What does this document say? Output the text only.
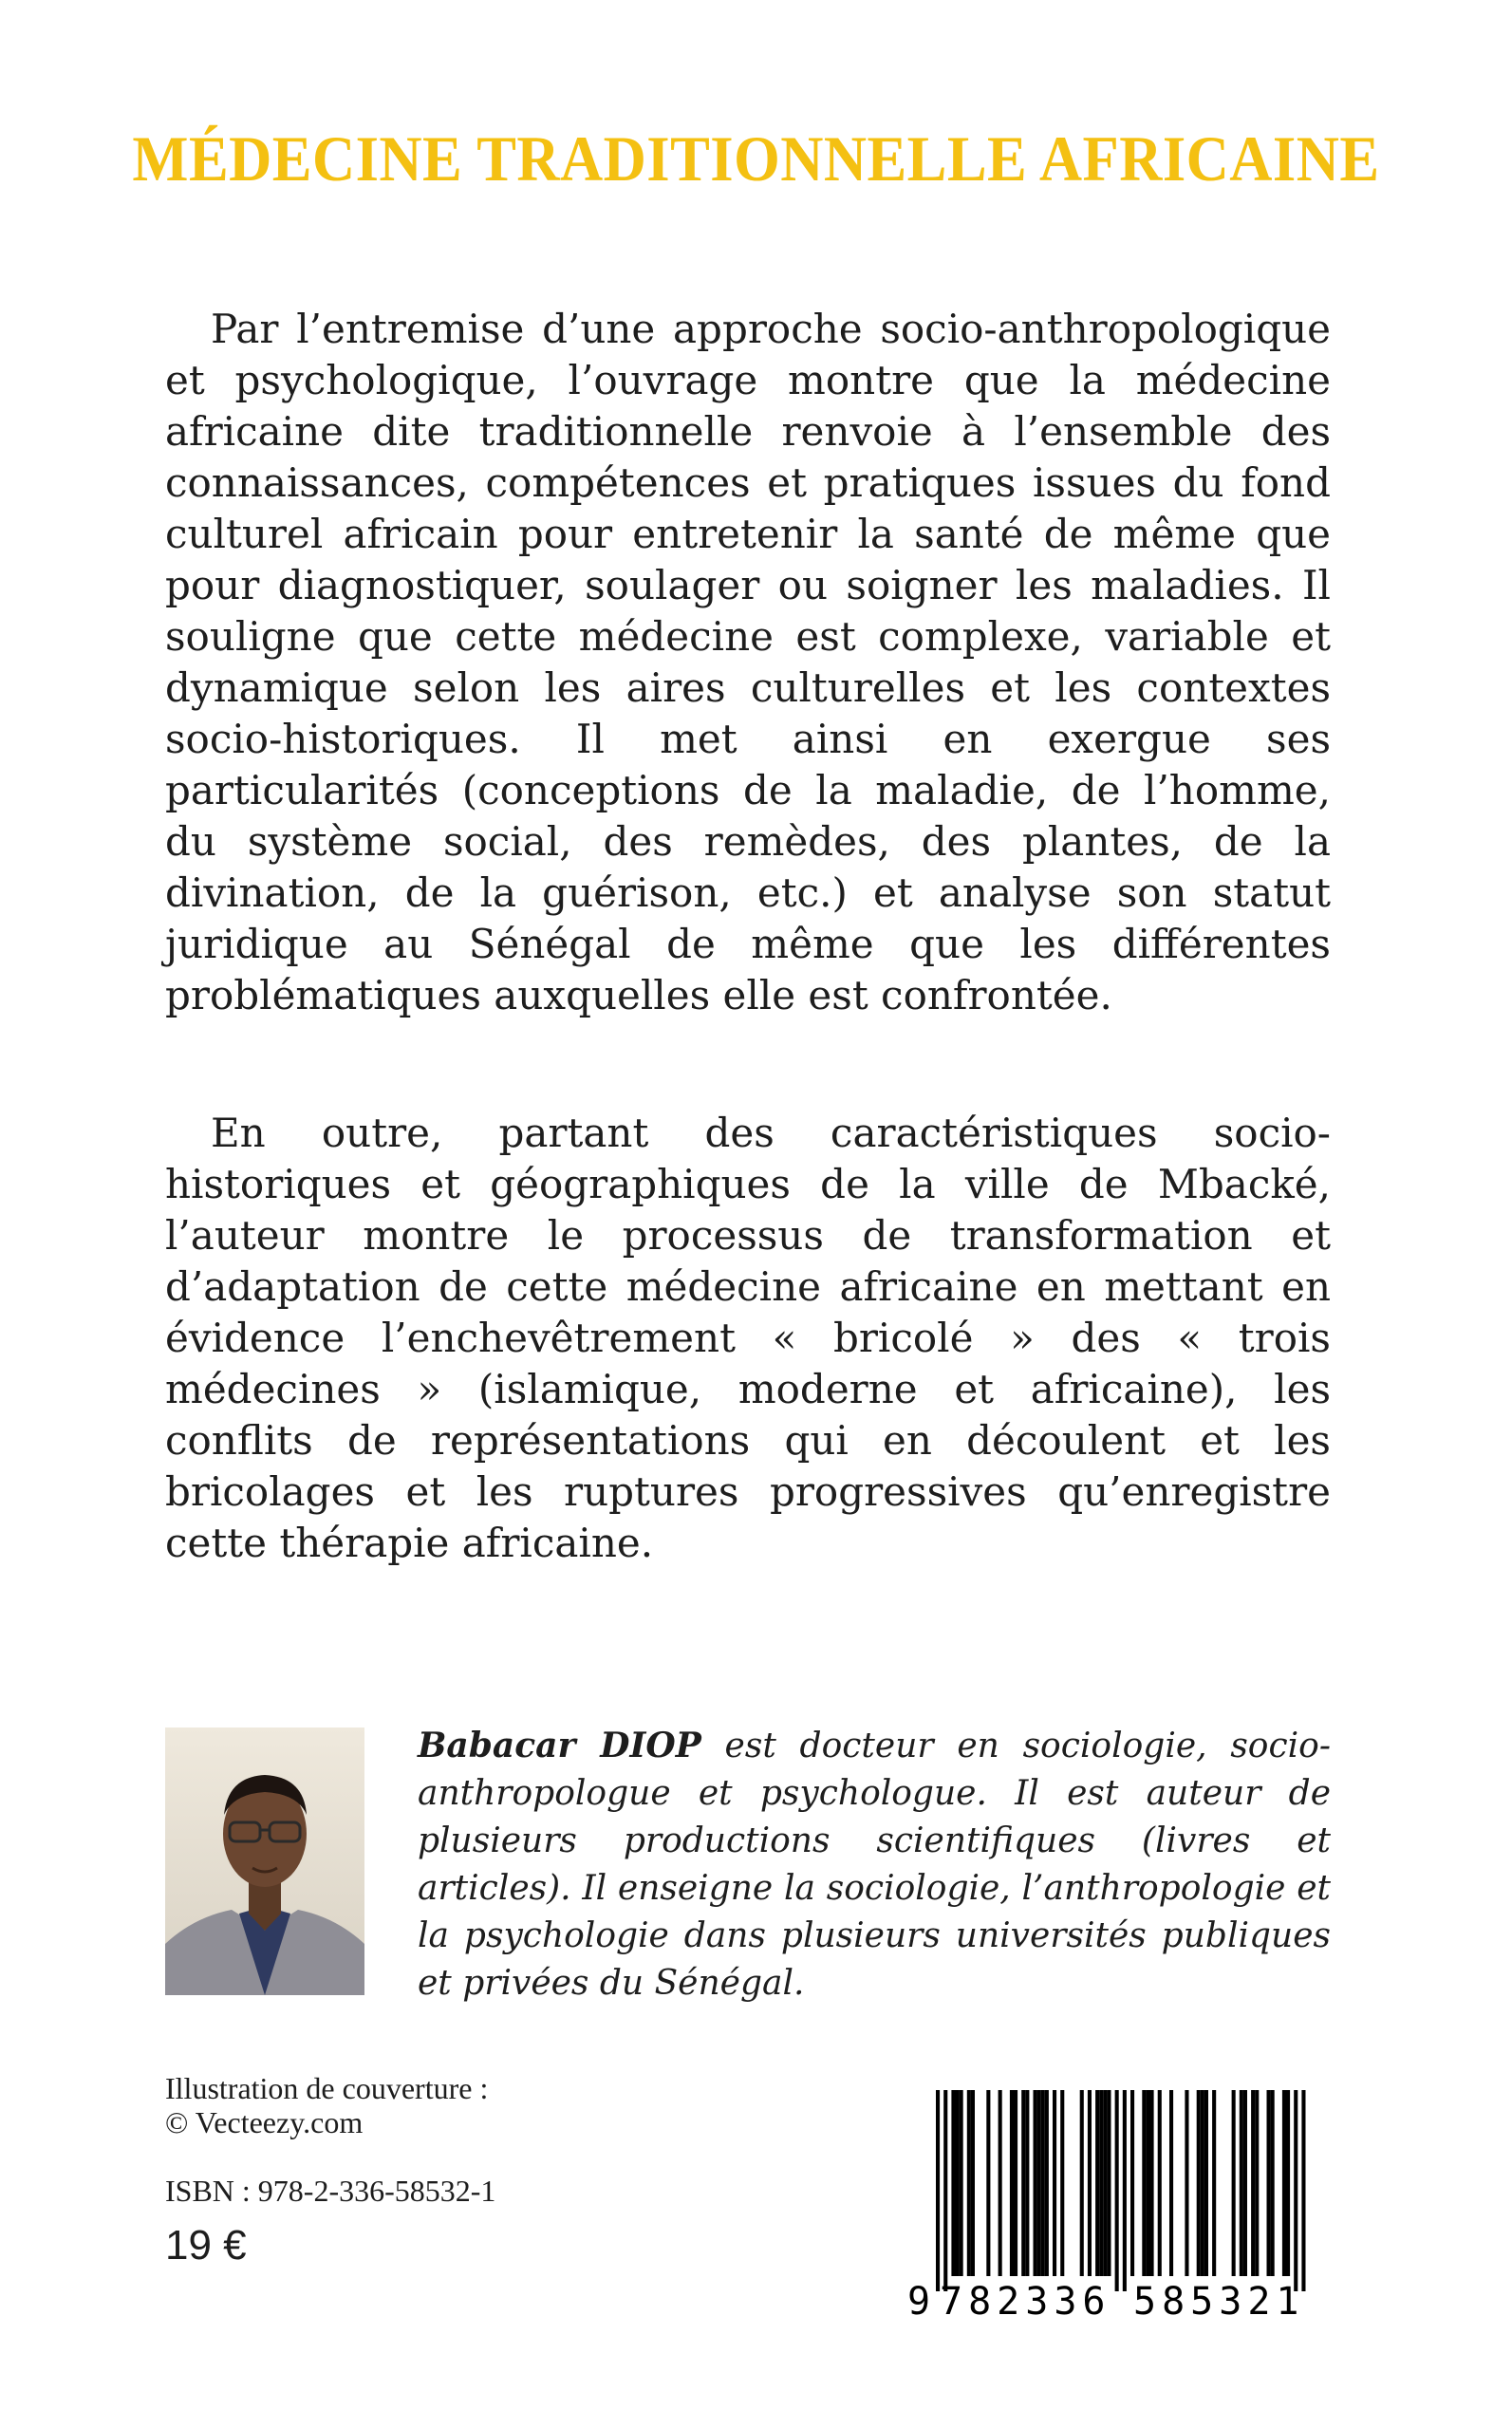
MÉDECINE TRADITIONNELLE AFRICAINE

Par l’entremise d’une approche socio-anthropologique et psychologique, l’ouvrage montre que la médecine africaine dite traditionnelle renvoie à l’ensemble des connaissances, compétences et pratiques issues du fond culturel africain pour entretenir la santé de même que pour diagnostiquer, soulager ou soigner les maladies. Il souligne que cette médecine est complexe, variable et dynamique selon les aires culturelles et les contextes socio-historiques. Il met ainsi en exergue ses particularités (conceptions de la maladie, de l’homme, du système social, des remèdes, des plantes, de la divination, de la guérison, etc.) et analyse son statut juridique au Sénégal de même que les différentes problématiques auxquelles elle est confrontée.

En outre, partant des caractéristiques socio-historiques et géographiques de la ville de Mbacké, l’auteur montre le processus de transformation et d’adaptation de cette médecine africaine en mettant en évidence l’enchevêtrement « bricolé » des « trois médecines » (islamique, moderne et africaine), les conflits de représentations qui en découlent et les bricolages et les ruptures progressives qu’enregistre cette thérapie africaine.

Babacar DIOP est docteur en sociologie, socio-anthropologue et psychologue. Il est auteur de plusieurs productions scientifiques (livres et articles). Il enseigne la sociologie, l’anthropologie et la psychologie dans plusieurs universités publiques et privées du Sénégal.

Illustration de couverture :
© Vecteezy.com
ISBN : 978-2-336-58532-1
19 €
9 782336 585321
